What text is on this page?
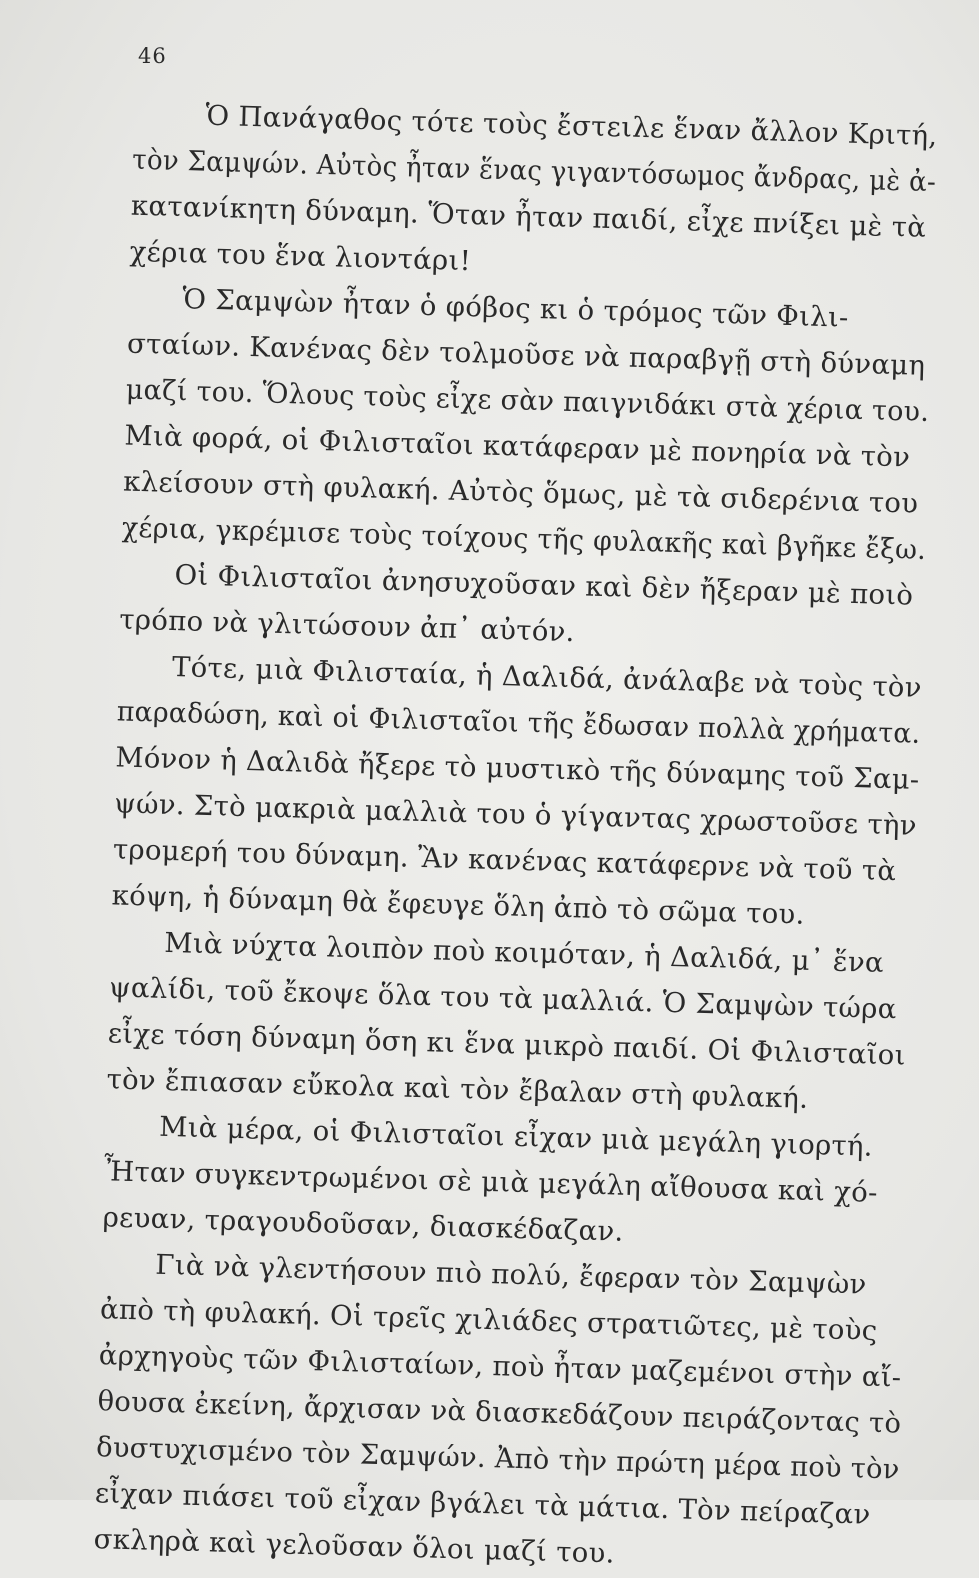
46
Ὁ Πανάγαθος τότε τοὺς ἔστειλε ἕναν ἄλλον Κριτή,
τὸν Σαμψών. Αὐτὸς ἦταν ἕνας γιγαντόσωμος ἄνδρας, μὲ ἀ-
κατανίκητη δύναμη. Ὅταν ἦταν παιδί, εἶχε πνίξει μὲ τὰ
χέρια του ἕνα λιοντάρι!
Ὁ Σαμψὼν ἦταν ὁ φόβος κι ὁ τρόμος τῶν Φιλι-
σταίων. Κανένας δὲν τολμοῦσε νὰ παραβγῇ στὴ δύναμη
μαζί του. Ὅλους τοὺς εἶχε σὰν παιγνιδάκι στὰ χέρια του.
Μιὰ φορά, οἱ Φιλισταῖοι κατάφεραν μὲ πονηρία νὰ τὸν
κλείσουν στὴ φυλακή. Αὐτὸς ὅμως, μὲ τὰ σιδερένια του
χέρια, γκρέμισε τοὺς τοίχους τῆς φυλακῆς καὶ βγῆκε ἔξω.
Οἱ Φιλισταῖοι ἀνησυχοῦσαν καὶ δὲν ἤξεραν μὲ ποιὸ
τρόπο νὰ γλιτώσουν ἀπ᾽ αὐτόν.
Τότε, μιὰ Φιλισταία, ἡ Δαλιδά, ἀνάλαβε νὰ τοὺς τὸν
παραδώση, καὶ οἱ Φιλισταῖοι τῆς ἔδωσαν πολλὰ χρήματα.
Μόνον ἡ Δαλιδὰ ἤξερε τὸ μυστικὸ τῆς δύναμης τοῦ Σαμ-
ψών. Στὸ μακριὰ μαλλιὰ του ὁ γίγαντας χρωστοῦσε τὴν
τρομερή του δύναμη. Ἂν κανένας κατάφερνε νὰ τοῦ τὰ
κόψη, ἡ δύναμη θὰ ἔφευγε ὅλη ἀπὸ τὸ σῶμα του.
Μιὰ νύχτα λοιπὸν ποὺ κοιμόταν, ἡ Δαλιδά, μ᾽ ἕνα
ψαλίδι, τοῦ ἔκοψε ὅλα του τὰ μαλλιά. Ὁ Σαμψὼν τώρα
εἶχε τόση δύναμη ὅση κι ἕνα μικρὸ παιδί. Οἱ Φιλισταῖοι
τὸν ἔπιασαν εὔκολα καὶ τὸν ἔβαλαν στὴ φυλακή.
Μιὰ μέρα, οἱ Φιλισταῖοι εἶχαν μιὰ μεγάλη γιορτή.
Ἦταν συγκεντρωμένοι σὲ μιὰ μεγάλη αἴθουσα καὶ χό-
ρευαν, τραγουδοῦσαν, διασκέδαζαν.
Γιὰ νὰ γλεντήσουν πιὸ πολύ, ἔφεραν τὸν Σαμψὼν
ἀπὸ τὴ φυλακή. Οἱ τρεῖς χιλιάδες στρατιῶτες, μὲ τοὺς
ἀρχηγοὺς τῶν Φιλισταίων, ποὺ ἦταν μαζεμένοι στὴν αἴ-
θουσα ἐκείνη, ἄρχισαν νὰ διασκεδάζουν πειράζοντας τὸ
δυστυχισμένο τὸν Σαμψών. Ἀπὸ τὴν πρώτη μέρα ποὺ τὸν
εἶχαν πιάσει τοῦ εἶχαν βγάλει τὰ μάτια. Τὸν πείραζαν
σκληρὰ καὶ γελοῦσαν ὅλοι μαζί του.
